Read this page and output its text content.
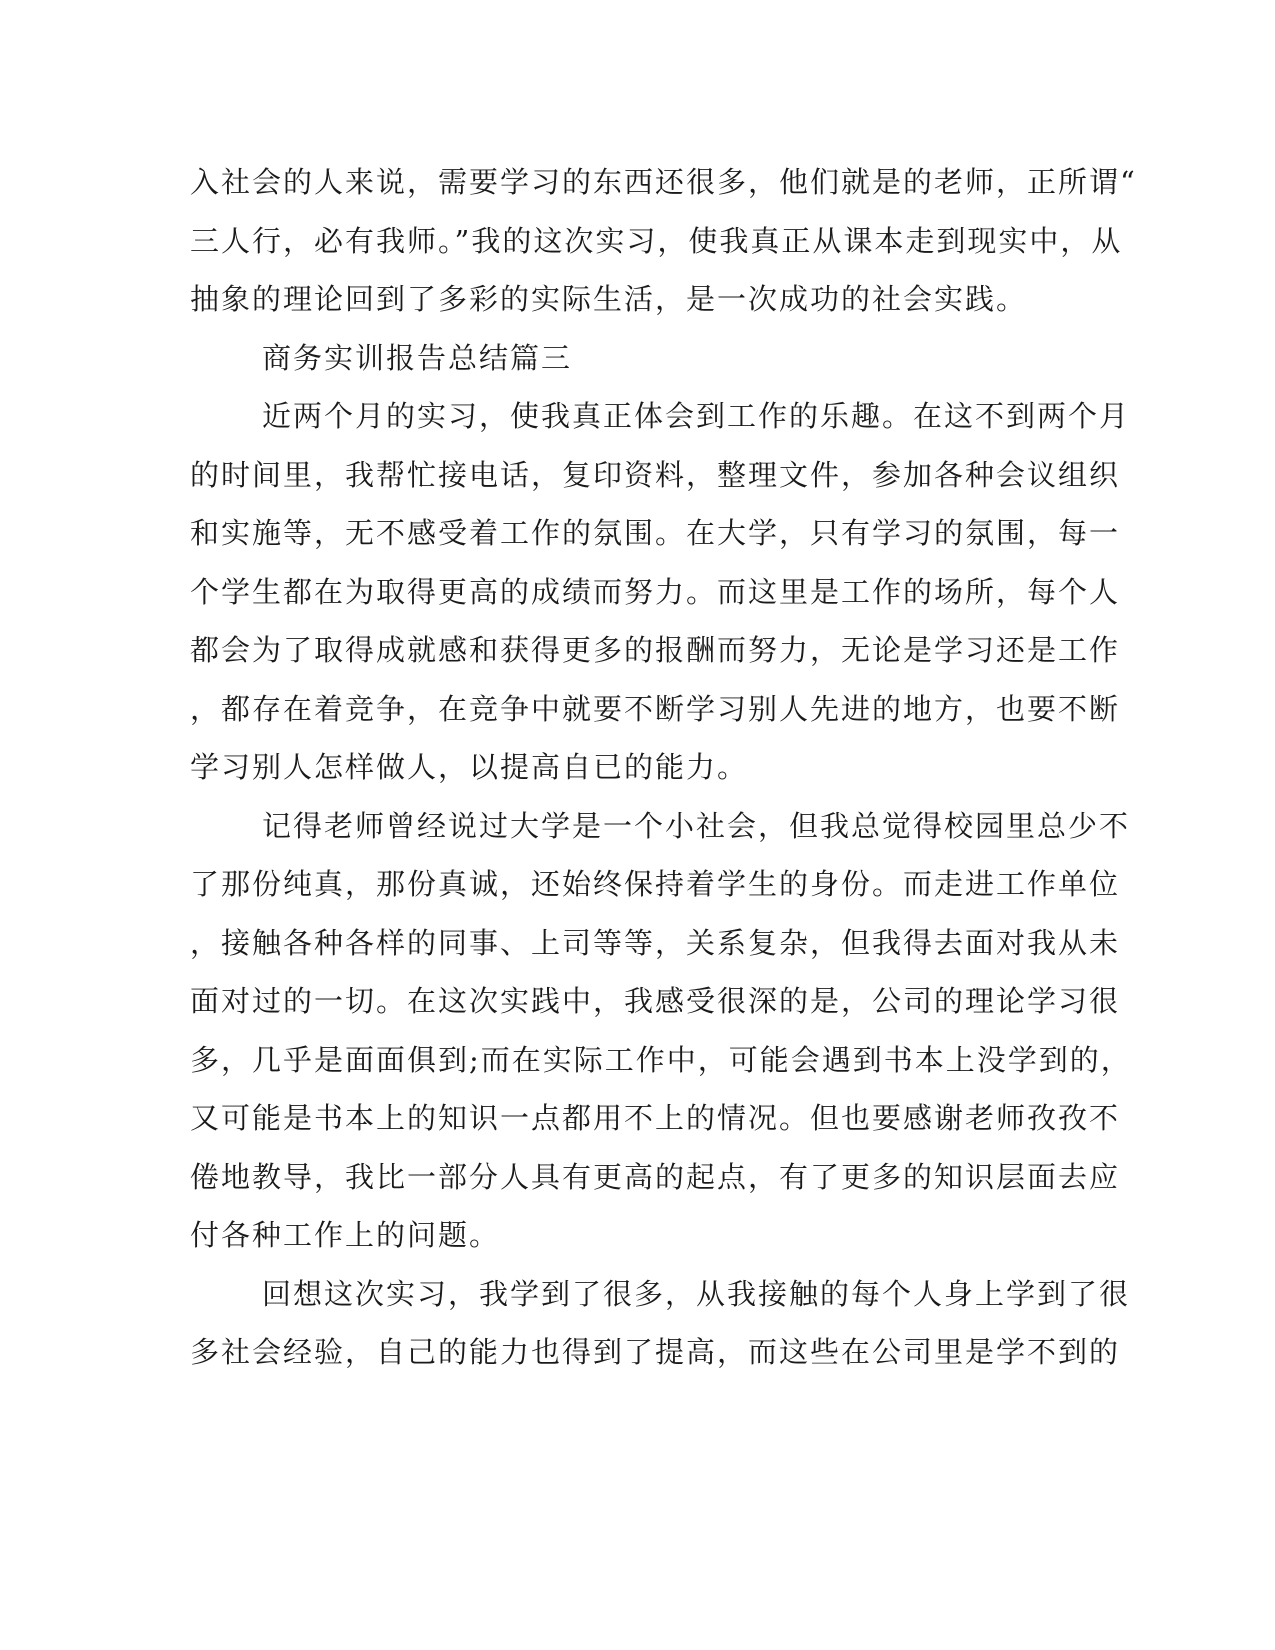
入社会的人来说，需要学习的东西还很多，他们就是的老师，正所谓“
三人行，必有我师。”我的这次实习，使我真正从课本走到现实中，从
抽象的理论回到了多彩的实际生活，是一次成功的社会实践。
商务实训报告总结篇三
近两个月的实习，使我真正体会到工作的乐趣。在这不到两个月
的时间里，我帮忙接电话，复印资料，整理文件，参加各种会议组织
和实施等，无不感受着工作的氛围。在大学，只有学习的氛围，每一
个学生都在为取得更高的成绩而努力。而这里是工作的场所，每个人
都会为了取得成就感和获得更多的报酬而努力，无论是学习还是工作
，都存在着竞争，在竞争中就要不断学习别人先进的地方，也要不断
学习别人怎样做人，以提高自已的能力。
记得老师曾经说过大学是一个小社会，但我总觉得校园里总少不
了那份纯真，那份真诚，还始终保持着学生的身份。而走进工作单位
，接触各种各样的同事、上司等等，关系复杂，但我得去面对我从未
面对过的一切。在这次实践中，我感受很深的是，公司的理论学习很
多，几乎是面面俱到;而在实际工作中，可能会遇到书本上没学到的，
又可能是书本上的知识一点都用不上的情况。但也要感谢老师孜孜不
倦地教导，我比一部分人具有更高的起点，有了更多的知识层面去应
付各种工作上的问题。
回想这次实习，我学到了很多，从我接触的每个人身上学到了很
多社会经验，自己的能力也得到了提高，而这些在公司里是学不到的
